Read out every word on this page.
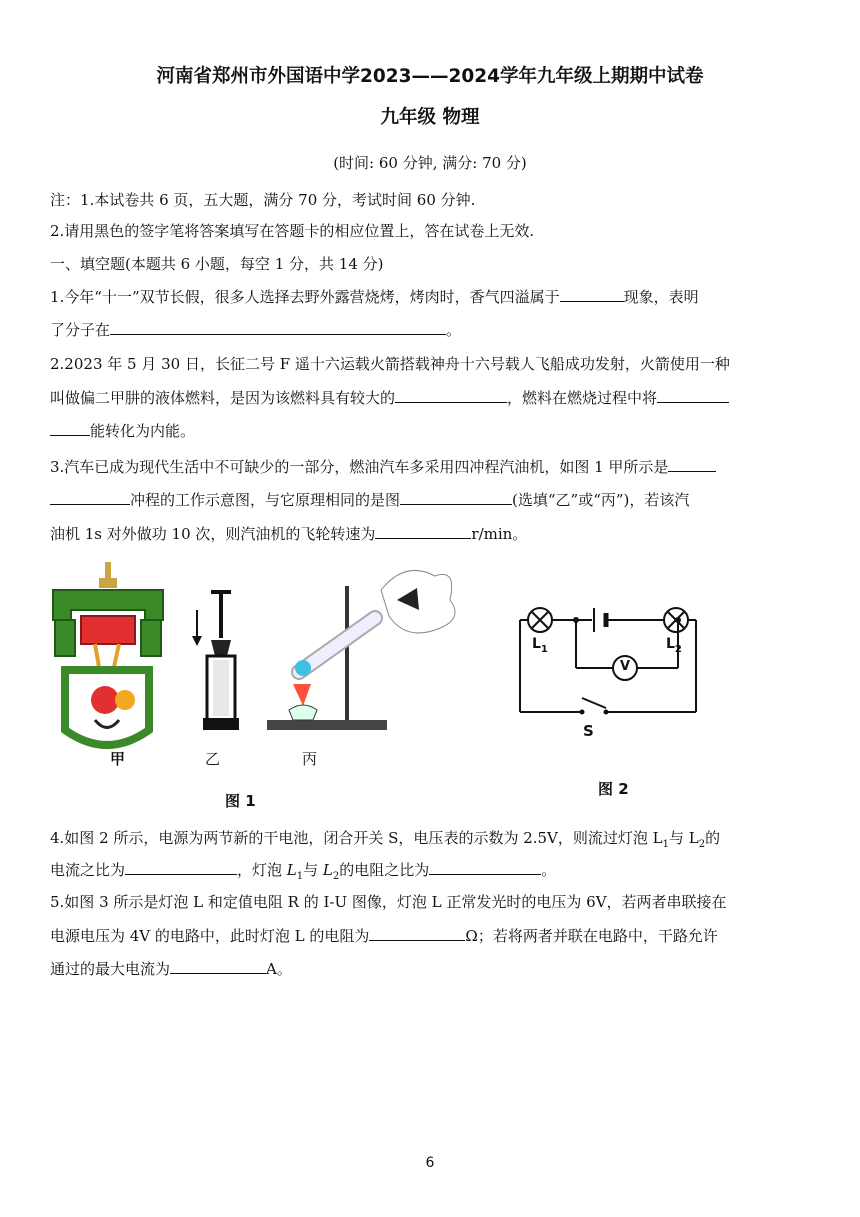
河南省郑州市外国语中学2023——2024学年九年级上期期中试卷
九年级 物理
(时间: 60 分钟, 满分: 70 分)
注：1.本试卷共 6 页，五大题，满分 70 分，考试时间 60 分钟.
2.请用黑色的签字笔将答案填写在答题卡的相应位置上，答在试卷上无效.
一、填空题(本题共 6 小题，每空 1 分，共 14 分)
1.今年“十一”双节长假，很多人选择去野外露营烧烤，烤肉时，香气四溢属于	现象，表明
了分子在	。
2.2023 年 5 月 30 日，长征二号 F 遥十六运载火箭搭载神舟十六号载人飞船成功发射，火箭使用一种
叫做偏二甲肼的液体燃料，是因为该燃料具有较大的	，燃料在燃烧过程中将
能转化为内能。
3.汽车已成为现代生活中不可缺少的一部分，燃油汽车多采用四冲程汽油机，如图 1 甲所示是
冲程的工作示意图，与它原理相同的是图	(选填“乙”或“丙”)，若该汽
油机 1s 对外做功 10 次，则汽油机的飞轮转速为	r/min。
甲	乙	丙
图 1
$L_1$	$L_2$
V
S
图 2
4.如图 2 所示，电源为两节新的干电池，闭合开关 S，电压表的示数为 2.5V，则流过灯泡 $L_1$与 $L_2$的
电流之比为	，灯泡 $L_1$与 $L_2$的电阻之比为	。
5.如图 3 所示是灯泡 L 和定值电阻 R 的 I-U 图像，灯泡 L 正常发光时的电压为 6V，若两者串联接在
电源电压为 4V 的电路中，此时灯泡 L 的电阻为	Ω；若将两者并联在电路中，干路允许
通过的最大电流为	A。
6
